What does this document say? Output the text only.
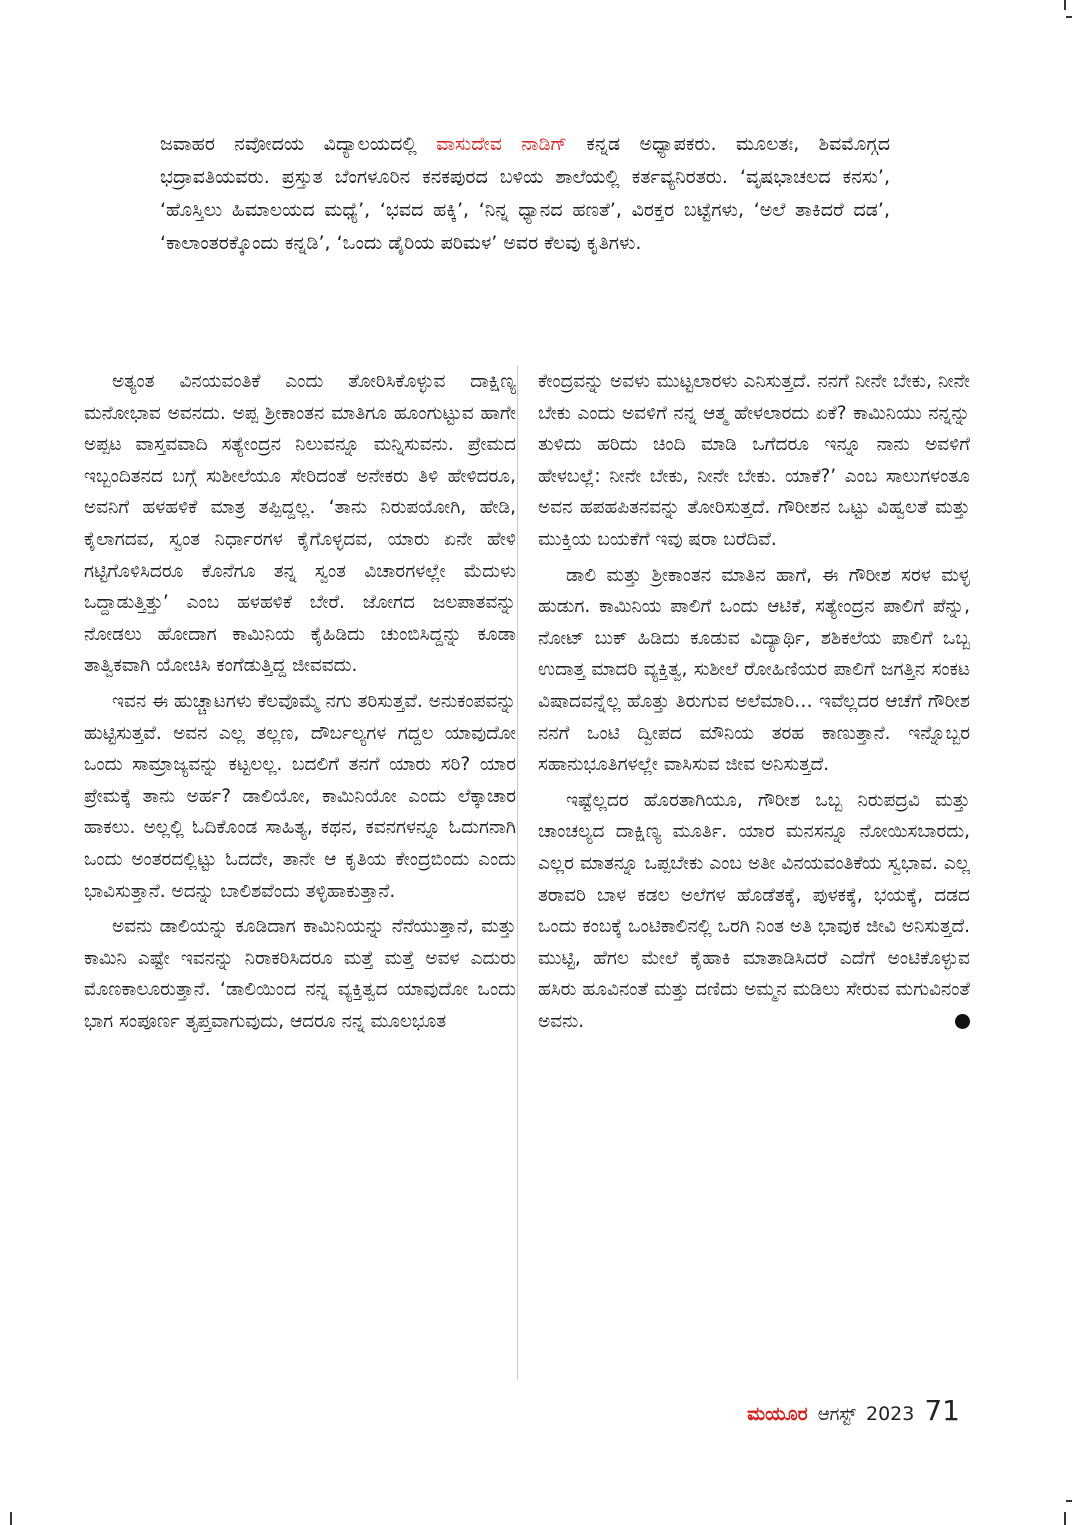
ಜವಾಹರ ನವೋದಯ ವಿದ್ಯಾಲಯದಲ್ಲಿ ವಾಸುದೇವ ನಾಡಿಗ್ ಕನ್ನಡ ಅಧ್ಯಾಪಕರು. ಮೂಲತಃ, ಶಿವಮೊಗ್ಗದ ಭದ್ರಾವತಿಯವರು. ಪ್ರಸ್ತುತ ಬೆಂಗಳೂರಿನ ಕನಕಪುರದ ಬಳಿಯ ಶಾಲೆಯಲ್ಲಿ ಕರ್ತವ್ಯನಿರತರು. ‘ವೃಷಭಾಚಲದ ಕನಸು’, ‘ಹೊಸ್ತಿಲು ಹಿಮಾಲಯದ ಮಧ್ಯೆ’, ‘ಭವದ ಹಕ್ಕಿ’, ‘ನಿನ್ನ ಧ್ಯಾನದ ಹಣತೆ’, ವಿರಕ್ತರ ಬಟ್ಟೆಗಳು, ‘ಅಲೆ ತಾಕಿದರೆ ದಡ’, ‘ಕಾಲಾಂತರಕ್ಕೊಂದು ಕನ್ನಡಿ’, ‘ಒಂದು ಡೈರಿಯ ಪರಿಮಳ’ ಅವರ ಕೆಲವು ಕೃತಿಗಳು.

ಅತ್ಯಂತ ವಿನಯವಂತಿಕೆ ಎಂದು ತೋರಿಸಿಕೊಳ್ಳುವ ದಾಕ್ಷಿಣ್ಯ ಮನೋಭಾವ ಅವನದು. ಅಪ್ಪ ಶ್ರೀಕಾಂತನ ಮಾತಿಗೂ ಹೂಂಗುಟ್ಟುವ ಹಾಗೇ ಅಪ್ಪಟ ವಾಸ್ತವವಾದಿ ಸತ್ಯೇಂದ್ರನ ನಿಲುವನ್ನೂ ಮನ್ನಿಸುವನು. ಪ್ರೇಮದ ಇಬ್ಬಂದಿತನದ ಬಗ್ಗೆ ಸುಶೀಲೆಯೂ ಸೇರಿದಂತೆ ಅನೇಕರು ತಿಳಿ ಹೇಳಿದರೂ, ಅವನಿಗೆ ಹಳಹಳಿಕೆ ಮಾತ್ರ ತಪ್ಪಿದ್ದಲ್ಲ. ‘ತಾನು ನಿರುಪಯೋಗಿ, ಹೇಡಿ, ಕೈಲಾಗದವ, ಸ್ವಂತ ನಿರ್ಧಾರಗಳ ಕೈಗೊಳ್ಳದವ, ಯಾರು ಏನೇ ಹೇಳಿ ಗಟ್ಟಿಗೊಳಿಸಿದರೂ ಕೊನೆಗೂ ತನ್ನ ಸ್ವಂತ ವಿಚಾರಗಳಲ್ಲೇ ಮೆದುಳು ಒದ್ದಾಡುತ್ತಿತ್ತು’ ಎಂಬ ಹಳಹಳಿಕೆ ಬೇರೆ. ಜೋಗದ ಜಲಪಾತವನ್ನು ನೋಡಲು ಹೋದಾಗ ಕಾಮಿನಿಯ ಕೈಹಿಡಿದು ಚುಂಬಿಸಿದ್ದನ್ನು ಕೂಡಾ ತಾತ್ವಿಕವಾಗಿ ಯೋಚಿಸಿ ಕಂಗೆಡುತ್ತಿದ್ದ ಜೀವವದು.

ಇವನ ಈ ಹುಚ್ಚಾಟಗಳು ಕೆಲವೊಮ್ಮೆ ನಗು ತರಿಸುತ್ತವೆ. ಅನುಕಂಪವನ್ನು ಹುಟ್ಟಿಸುತ್ತವೆ. ಅವನ ಎಲ್ಲ ತಲ್ಲಣ, ದೌರ್ಬಲ್ಯಗಳ ಗದ್ದಲ ಯಾವುದೋ ಒಂದು ಸಾಮ್ರಾಜ್ಯವನ್ನು ಕಟ್ಟಲಲ್ಲ. ಬದಲಿಗೆ ತನಗೆ ಯಾರು ಸರಿ? ಯಾರ ಪ್ರೇಮಕ್ಕೆ ತಾನು ಅರ್ಹ? ಡಾಲಿಯೋ, ಕಾಮಿನಿಯೋ ಎಂದು ಲೆಕ್ಕಾಚಾರ ಹಾಕಲು. ಅಲ್ಲಲ್ಲಿ ಓದಿಕೊಂಡ ಸಾಹಿತ್ಯ, ಕಥನ, ಕವನಗಳನ್ನೂ ಓದುಗನಾಗಿ ಒಂದು ಅಂತರದಲ್ಲಿಟ್ಟು ಓದದೇ, ತಾನೇ ಆ ಕೃತಿಯ ಕೇಂದ್ರಬಿಂದು ಎಂದು ಭಾವಿಸುತ್ತಾನೆ. ಅದನ್ನು ಬಾಲಿಶವೆಂದು ತಳ್ಳಿಹಾಕುತ್ತಾನೆ.

ಅವನು ಡಾಲಿಯನ್ನು ಕೂಡಿದಾಗ ಕಾಮಿನಿಯನ್ನು ನೆನೆಯುತ್ತಾನೆ, ಮತ್ತು ಕಾಮಿನಿ ಎಷ್ಟೇ ಇವನನ್ನು ನಿರಾಕರಿಸಿದರೂ ಮತ್ತೆ ಮತ್ತೆ ಅವಳ ಎದುರು ಮೊಣಕಾಲೂರುತ್ತಾನೆ. ‘ಡಾಲಿಯಿಂದ ನನ್ನ ವ್ಯಕ್ತಿತ್ವದ ಯಾವುದೋ ಒಂದು ಭಾಗ ಸಂಪೂರ್ಣ ತೃಪ್ತವಾಗುವುದು, ಆದರೂ ನನ್ನ ಮೂಲಭೂತ

ಕೇಂದ್ರವನ್ನು ಅವಳು ಮುಟ್ಟಲಾರಳು ಎನಿಸುತ್ತದೆ. ನನಗೆ ನೀನೇ ಬೇಕು, ನೀನೇ ಬೇಕು ಎಂದು ಅವಳಿಗೆ ನನ್ನ ಆತ್ಮ ಹೇಳಲಾರದು ಏಕೆ? ಕಾಮಿನಿಯು ನನ್ನನ್ನು ತುಳಿದು ಹರಿದು ಚಿಂದಿ ಮಾಡಿ ಒಗೆದರೂ ಇನ್ನೂ ನಾನು ಅವಳಿಗೆ ಹೇಳಬಲ್ಲೆ: ನೀನೇ ಬೇಕು, ನೀನೇ ಬೇಕು. ಯಾಕೆ?’ ಎಂಬ ಸಾಲುಗಳಂತೂ ಅವನ ಹಪಹಪಿತನವನ್ನು ತೋರಿಸುತ್ತದೆ. ಗೌರೀಶನ ಒಟ್ಟು ವಿಹ್ವಲತೆ ಮತ್ತು ಮುಕ್ತಿಯ ಬಯಕೆಗೆ ಇವು ಷರಾ ಬರೆದಿವೆ.

ಡಾಲಿ ಮತ್ತು ಶ್ರೀಕಾಂತನ ಮಾತಿನ ಹಾಗೆ, ಈ ಗೌರೀಶ ಸರಳ ಮಳ್ಳ ಹುಡುಗ. ಕಾಮಿನಿಯ ಪಾಲಿಗೆ ಒಂದು ಆಟಿಕೆ, ಸತ್ಯೇಂದ್ರನ ಪಾಲಿಗೆ ಪೆನ್ನು, ನೋಟ್ ಬುಕ್ ಹಿಡಿದು ಕೂಡುವ ವಿದ್ಯಾರ್ಥಿ, ಶಶಿಕಲೆಯ ಪಾಲಿಗೆ ಒಬ್ಬ ಉದಾತ್ತ ಮಾದರಿ ವ್ಯಕ್ತಿತ್ವ, ಸುಶೀಲೆ ರೋಹಿಣಿಯರ ಪಾಲಿಗೆ ಜಗತ್ತಿನ ಸಂಕಟ ವಿಷಾದವನ್ನೆಲ್ಲ ಹೊತ್ತು ತಿರುಗುವ ಅಲೆಮಾರಿ… ಇವೆಲ್ಲದರ ಆಚೆಗೆ ಗೌರೀಶ ನನಗೆ ಒಂಟಿ ದ್ವೀಪದ ಮೌನಿಯ ತರಹ ಕಾಣುತ್ತಾನೆ. ಇನ್ನೊಬ್ಬರ ಸಹಾನುಭೂತಿಗಳಲ್ಲೇ ವಾಸಿಸುವ ಜೀವ ಅನಿಸುತ್ತದೆ.

ಇಷ್ಟೆಲ್ಲದರ ಹೊರತಾಗಿಯೂ, ಗೌರೀಶ ಒಬ್ಬ ನಿರುಪದ್ರವಿ ಮತ್ತು ಚಾಂಚಲ್ಯದ ದಾಕ್ಷಿಣ್ಯ ಮೂರ್ತಿ. ಯಾರ ಮನಸನ್ನೂ ನೋಯಿಸಬಾರದು, ಎಲ್ಲರ ಮಾತನ್ನೂ ಒಪ್ಪಬೇಕು ಎಂಬ ಅತೀ ವಿನಯವಂತಿಕೆಯ ಸ್ವಭಾವ. ಎಲ್ಲ ತರಾವರಿ ಬಾಳ ಕಡಲ ಅಲೆಗಳ ಹೊಡೆತಕ್ಕೆ, ಪುಳಕಕ್ಕೆ, ಭಯಕ್ಕೆ, ದಡದ ಒಂದು ಕಂಬಕ್ಕೆ ಒಂಟಿಕಾಲಿನಲ್ಲಿ ಒರಗಿ ನಿಂತ ಅತಿ ಭಾವುಕ ಜೀವಿ ಅನಿಸುತ್ತದೆ. ಮುಟ್ಟಿ, ಹೆಗಲ ಮೇಲೆ ಕೈಹಾಕಿ ಮಾತಾಡಿಸಿದರೆ ಎದೆಗೆ ಅಂಟಿಕೊಳ್ಳುವ ಹಸಿರು ಹೂವಿನಂತೆ ಮತ್ತು ದಣಿದು ಅಮ್ಮನ ಮಡಿಲು ಸೇರುವ ಮಗುವಿನಂತೆ ಅವನು.

ಮಯೂರ ಆಗಸ್ಟ್ 2023 71
